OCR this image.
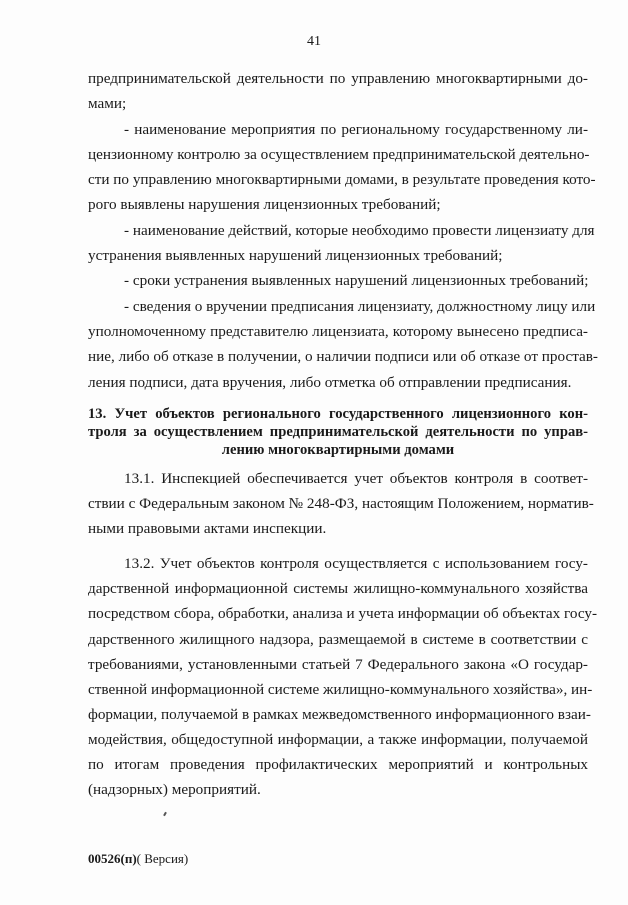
41
предпринимательской деятельности по управлению многоквартирными до-
мами;
- наименование мероприятия по региональному государственному ли-
цензионному контролю за осуществлением предпринимательской деятельно-
сти по управлению многоквартирными домами, в результате проведения кото-
рого выявлены нарушения лицензионных требований;
- наименование действий, которые необходимо провести лицензиату для
устранения выявленных нарушений лицензионных требований;
- сроки устранения выявленных нарушений лицензионных требований;
- сведения о вручении предписания лицензиату, должностному лицу или
уполномоченному представителю лицензиата, которому вынесено предписа-
ние, либо об отказе в получении, о наличии подписи или об отказе от простав-
ления подписи, дата вручения, либо отметка об отправлении предписания.
13. Учет объектов регионального государственного лицензионного кон-
троля за осуществлением предпринимательской деятельности по управ-
лению многоквартирными домами
13.1. Инспекцией обеспечивается учет объектов контроля в соответ-
ствии с Федеральным законом № 248-ФЗ, настоящим Положением, норматив-
ными правовыми актами инспекции.
13.2. Учет объектов контроля осуществляется с использованием госу-
дарственной информационной системы жилищно-коммунального хозяйства
посредством сбора, обработки, анализа и учета информации об объектах госу-
дарственного жилищного надзора, размещаемой в системе в соответствии с
требованиями, установленными статьей 7 Федерального закона «О государ-
ственной информационной системе жилищно-коммунального хозяйства», ин-
формации, получаемой в рамках межведомственного информационного взаи-
модействия, общедоступной информации, а также информации, получаемой
по итогам проведения профилактических мероприятий и контрольных
(надзорных) мероприятий.
00526(п)( Версия)
